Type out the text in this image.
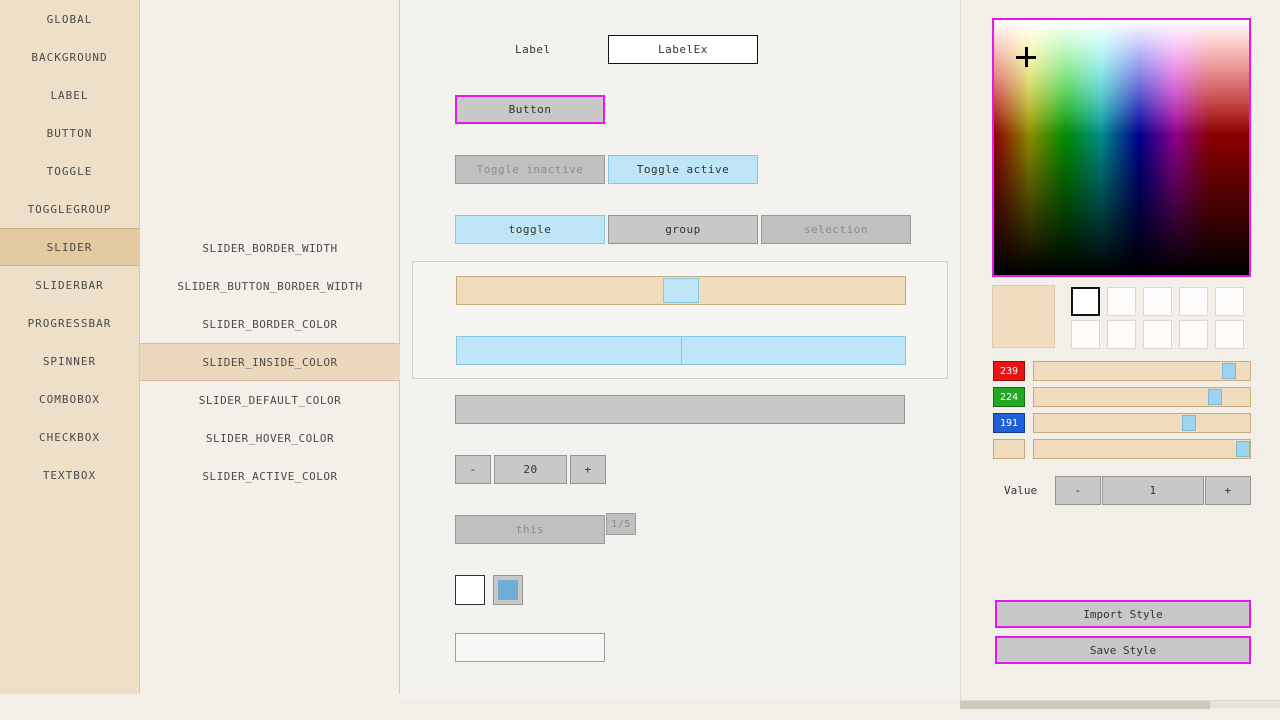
GLOBAL
BACKGROUND
LABEL
BUTTON
TOGGLE
TOGGLEGROUP
SLIDER
SLIDERBAR
PROGRESSBAR
SPINNER
COMBOBOX
CHECKBOX
TEXTBOX
SLIDER_BORDER_WIDTH
SLIDER_BUTTON_BORDER_WIDTH
SLIDER_BORDER_COLOR
SLIDER_INSIDE_COLOR
SLIDER_DEFAULT_COLOR
SLIDER_HOVER_COLOR
SLIDER_ACTIVE_COLOR
Label	LabelEx
Button
Toggle inactive	Toggle active
toggle	group	selection
-	20	+
this	1/5
239
224
191
Value	-	1	+
Import Style
Save Style
